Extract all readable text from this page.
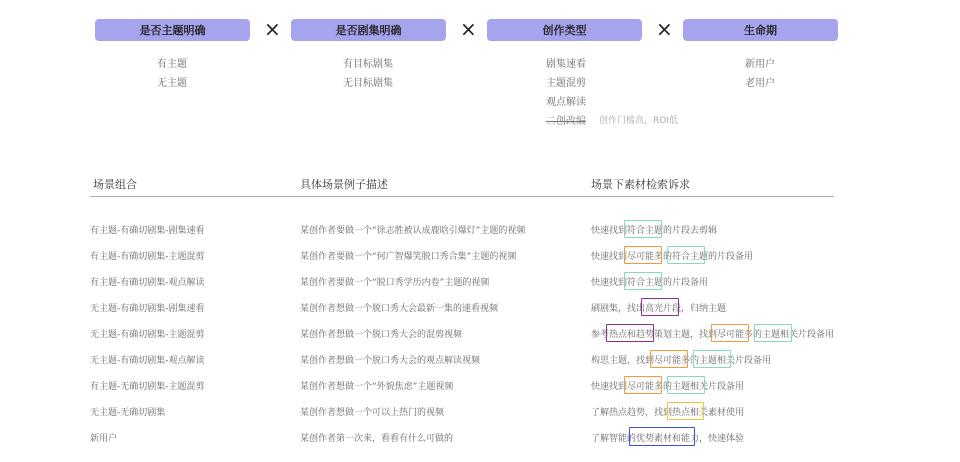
是否主题明确	×	是否剧集明确	×	创作类型	×	生命期
有主题
无主题
有目标剧集
无目标剧集
剧集速看
主题混剪
观点解读
二创改编 创作门槛高，ROI低
新用户
老用户
场景组合	具体场景例子描述	场景下素材检索诉求
有主题-有确切剧集-剧集速看	某创作者要做一个“徐志胜被认成鹿晗引爆灯”主题的视频	快速找到符合主题的片段去剪辑
有主题-有确切剧集-主题混剪	某创作者要做一个“何广智爆笑脱口秀合集”主题的视频	快速找到尽可能多的符合主题的片段备用
有主题-有确切剧集-观点解读	某创作者要做一个“脱口秀学历内卷”主题的视频	快速找到符合主题的片段备用
无主题-有确切剧集-剧集速看	某创作者想做一个脱口秀大会最新一集的速看视频	刷剧集，找出高光片段，归纳主题
无主题-有确切剧集-主题混剪	某创作者想做一个脱口秀大会的混剪视频	参考热点和趋势策划主题，找到尽可能多的主题相关片段备用
无主题-有确切剧集-观点解读	某创作者想做一个脱口秀大会的观点解读视频	构思主题，找到尽可能多的主题相关片段备用
有主题-无确切剧集-主题混剪	某创作者想做一个“外貌焦虑”主题视频	快速找到尽可能多的主题相关片段备用
无主题-无确切剧集	某创作者想做一个可以上热门的视频	了解热点趋势，找到热点相关素材使用
新用户	某创作者第一次来，看看有什么可做的	了解智能的优势素材和能力，快速体验
